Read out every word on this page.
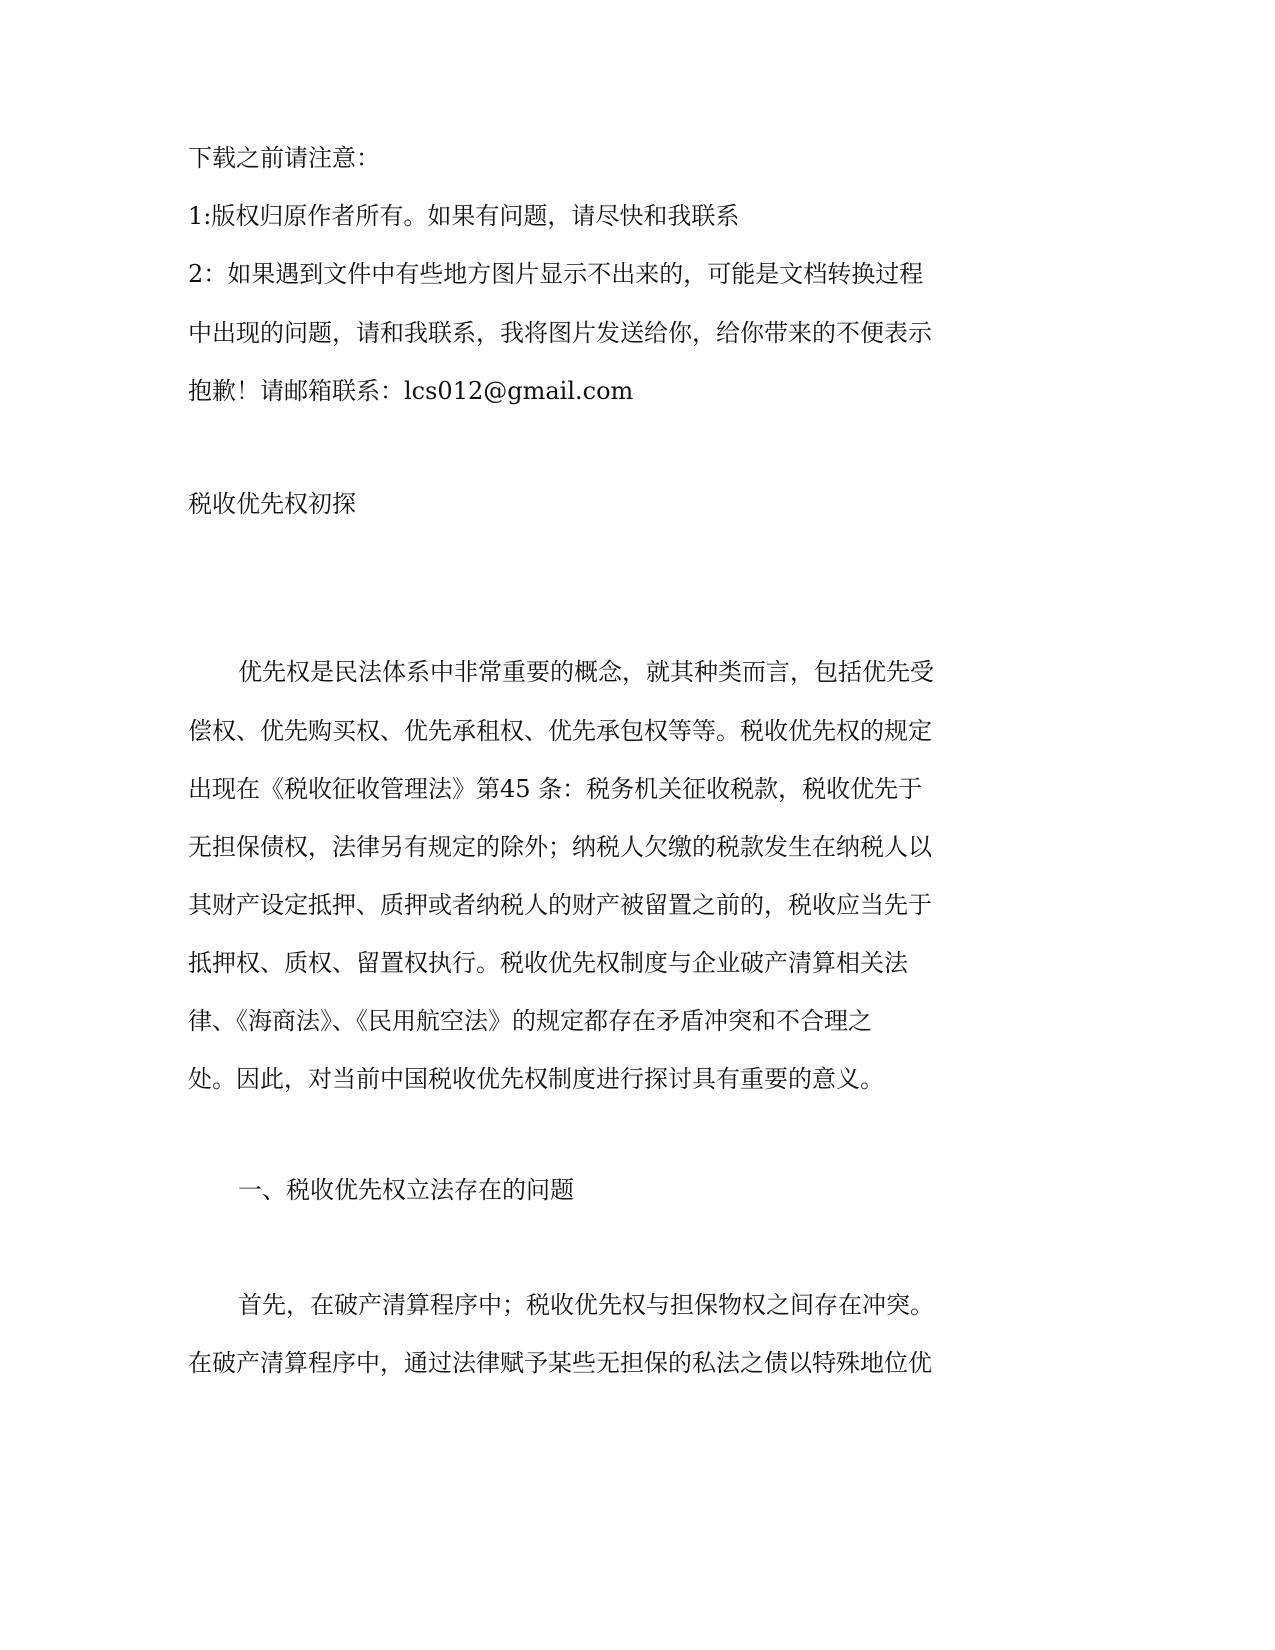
下载之前请注意：

1:版权归原作者所有。如果有问题，请尽快和我联系

2：如果遇到文件中有些地方图片显示不出来的，可能是文档转换过程

中出现的问题，请和我联系，我将图片发送给你，给你带来的不便表示

抱歉！请邮箱联系：lcs012@gmail.com

税收优先权初探

优先权是民法体系中非常重要的概念，就其种类而言，包括优先受

偿权、优先购买权、优先承租权、优先承包权等等。税收优先权的规定

出现在《税收征收管理法》第45 条：税务机关征收税款，税收优先于

无担保债权，法律另有规定的除外；纳税人欠缴的税款发生在纳税人以

其财产设定抵押、质押或者纳税人的财产被留置之前的，税收应当先于

抵押权、质权、留置权执行。税收优先权制度与企业破产清算相关法

律、《海商法》、《民用航空法》的规定都存在矛盾冲突和不合理之

处。因此，对当前中国税收优先权制度进行探讨具有重要的意义。

一、税收优先权立法存在的问题

首先，在破产清算程序中；税收优先权与担保物权之间存在冲突。

在破产清算程序中，通过法律赋予某些无担保的私法之债以特殊地位优
